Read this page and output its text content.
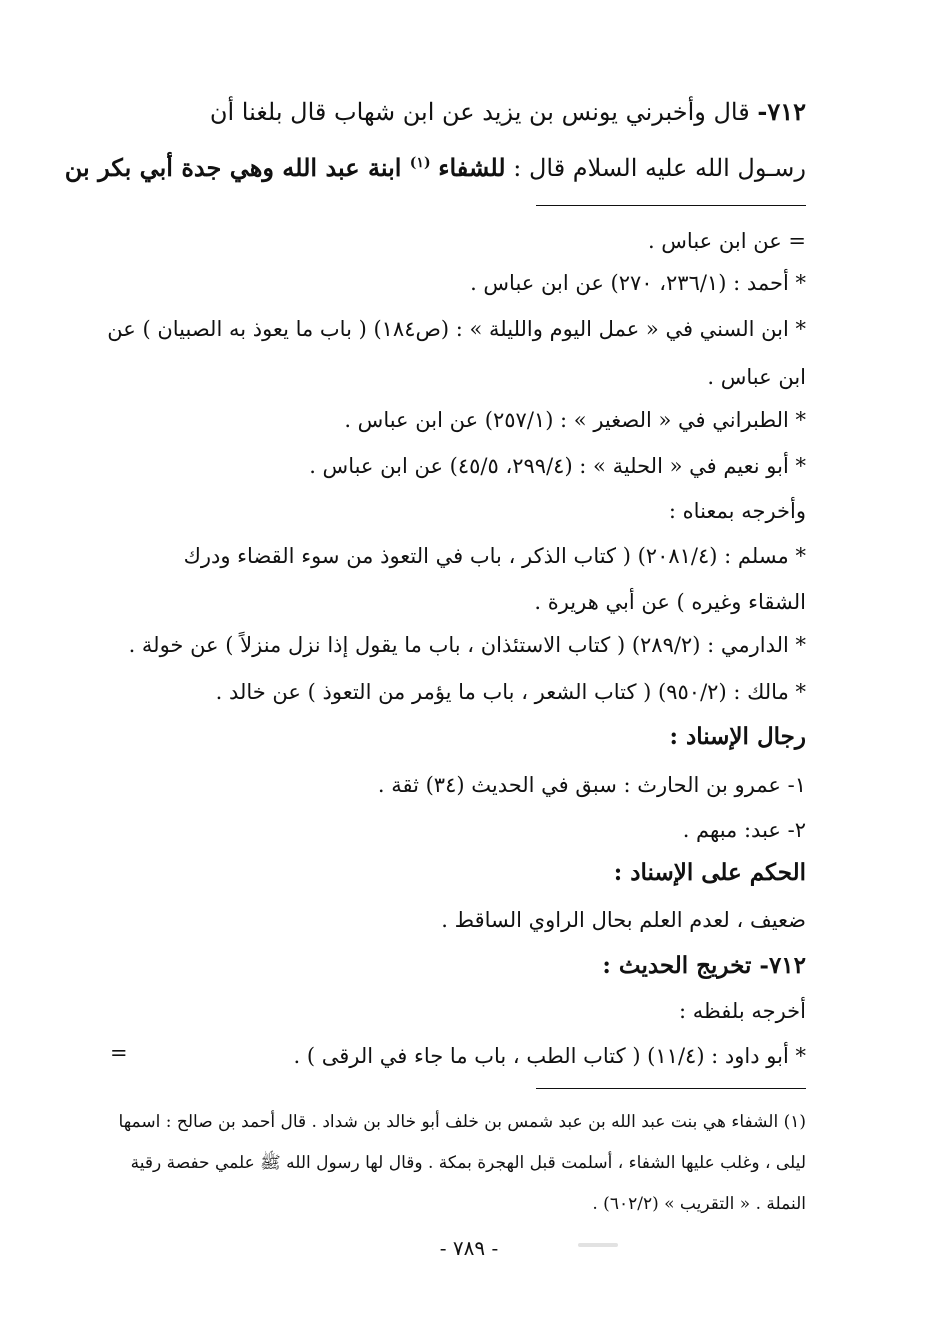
٧١٢- قال وأخبرني يونس بن يزيد عن ابن شهاب قال بلغنا أن
رسـول الله عليه السلام قال : للشفاء $^{(١)}$ ابنة عبد الله وهي جدة أبي بكر بن
= عن ابن عباس .
* أحمد : (٢٣٦/١، ٢٧٠) عن ابن عباس .
* ابن السني في « عمل اليوم والليلة » : (ص١٨٤) ( باب ما يعوذ به الصبيان ) عن
ابن عباس .
* الطبراني في « الصغير » : (٢٥٧/١) عن ابن عباس .
* أبو نعيم في « الحلية » : (٢٩٩/٤، ٤٥/٥) عن ابن عباس .
وأخرجه بمعناه :
* مسلم : (٢٠٨١/٤) ( كتاب الذكر ، باب في التعوذ من سوء القضاء ودرك
الشقاء وغيره ) عن أبي هريرة .
* الدارمي : (٢٨٩/٢) ( كتاب الاستئذان ، باب ما يقول إذا نزل منزلاً ) عن خولة .
* مالك : (٩٥٠/٢) ( كتاب الشعر ، باب ما يؤمر من التعوذ ) عن خالد .
رجال الإسناد :
١- عمرو بن الحارث : سبق في الحديث (٣٤) ثقة .
٢- عبد: مبهم .
الحكم على الإسناد :
ضعيف ، لعدم العلم بحال الراوي الساقط .
٧١٢- تخريج الحديث :
أخرجه بلفظه :
* أبو داود : (١١/٤) ( كتاب الطب ، باب ما جاء في الرقى ) .
=
(١) الشفاء هي بنت عبد الله بن عبد شمس بن خلف أبو خالد بن شداد . قال أحمد بن صالح : اسمها
ليلى ، وغلب عليها الشفاء ، أسلمت قبل الهجرة بمكة . وقال لها رسول الله ﷺ علمي حفصة رقية
النملة . « التقريب » (٦٠٢/٢) .
- ٧٨٩ -
